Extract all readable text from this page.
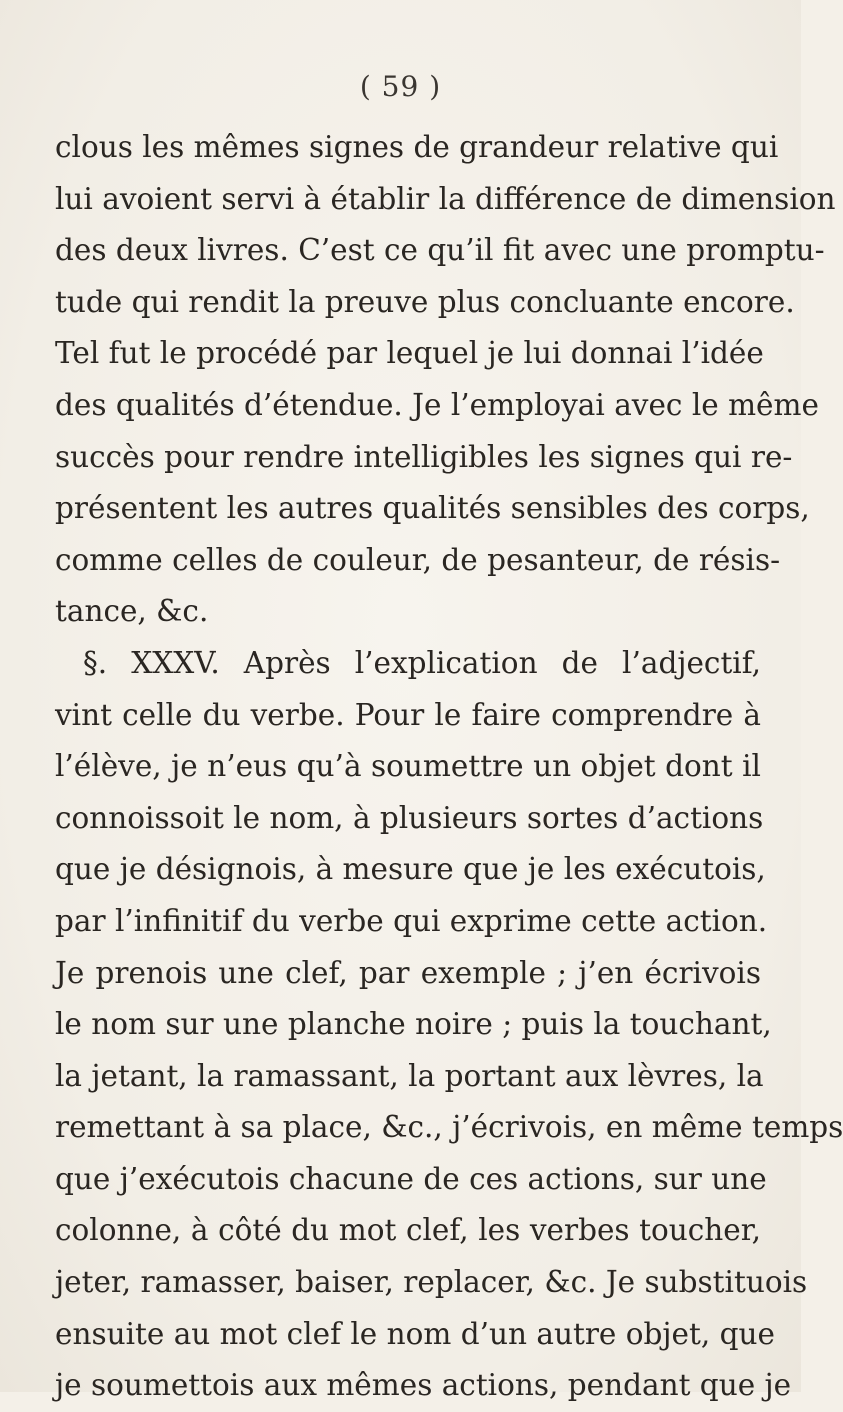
( 59 )
clous les mêmes signes de grandeur relative qui
lui avoient servi à établir la différence de dimension
des deux livres. C’est ce qu’il fit avec une promptu-
tude qui rendit la preuve plus concluante encore.
Tel fut le procédé par lequel je lui donnai l’idée
des qualités d’étendue. Je l’employai avec le même
succès pour rendre intelligibles les signes qui re-
présentent les autres qualités sensibles des corps,
comme celles de couleur, de pesanteur, de résis-
tance, &c.
§. XXXV. Après l’explication de l’adjectif,
vint celle du verbe. Pour le faire comprendre à
l’élève, je n’eus qu’à soumettre un objet dont il
connoissoit le nom, à plusieurs sortes d’actions
que je désignois, à mesure que je les exécutois,
par l’infinitif du verbe qui exprime cette action.
Je prenois une clef, par exemple ; j’en écrivois
le nom sur une planche noire ; puis la touchant,
la jetant, la ramassant, la portant aux lèvres, la
remettant à sa place, &c., j’écrivois, en même temps
que j’exécutois chacune de ces actions, sur une
colonne, à côté du mot clef, les verbes toucher,
jeter, ramasser, baiser, replacer, &c. Je substituois
ensuite au mot clef le nom d’un autre objet, que
je soumettois aux mêmes actions, pendant que je
